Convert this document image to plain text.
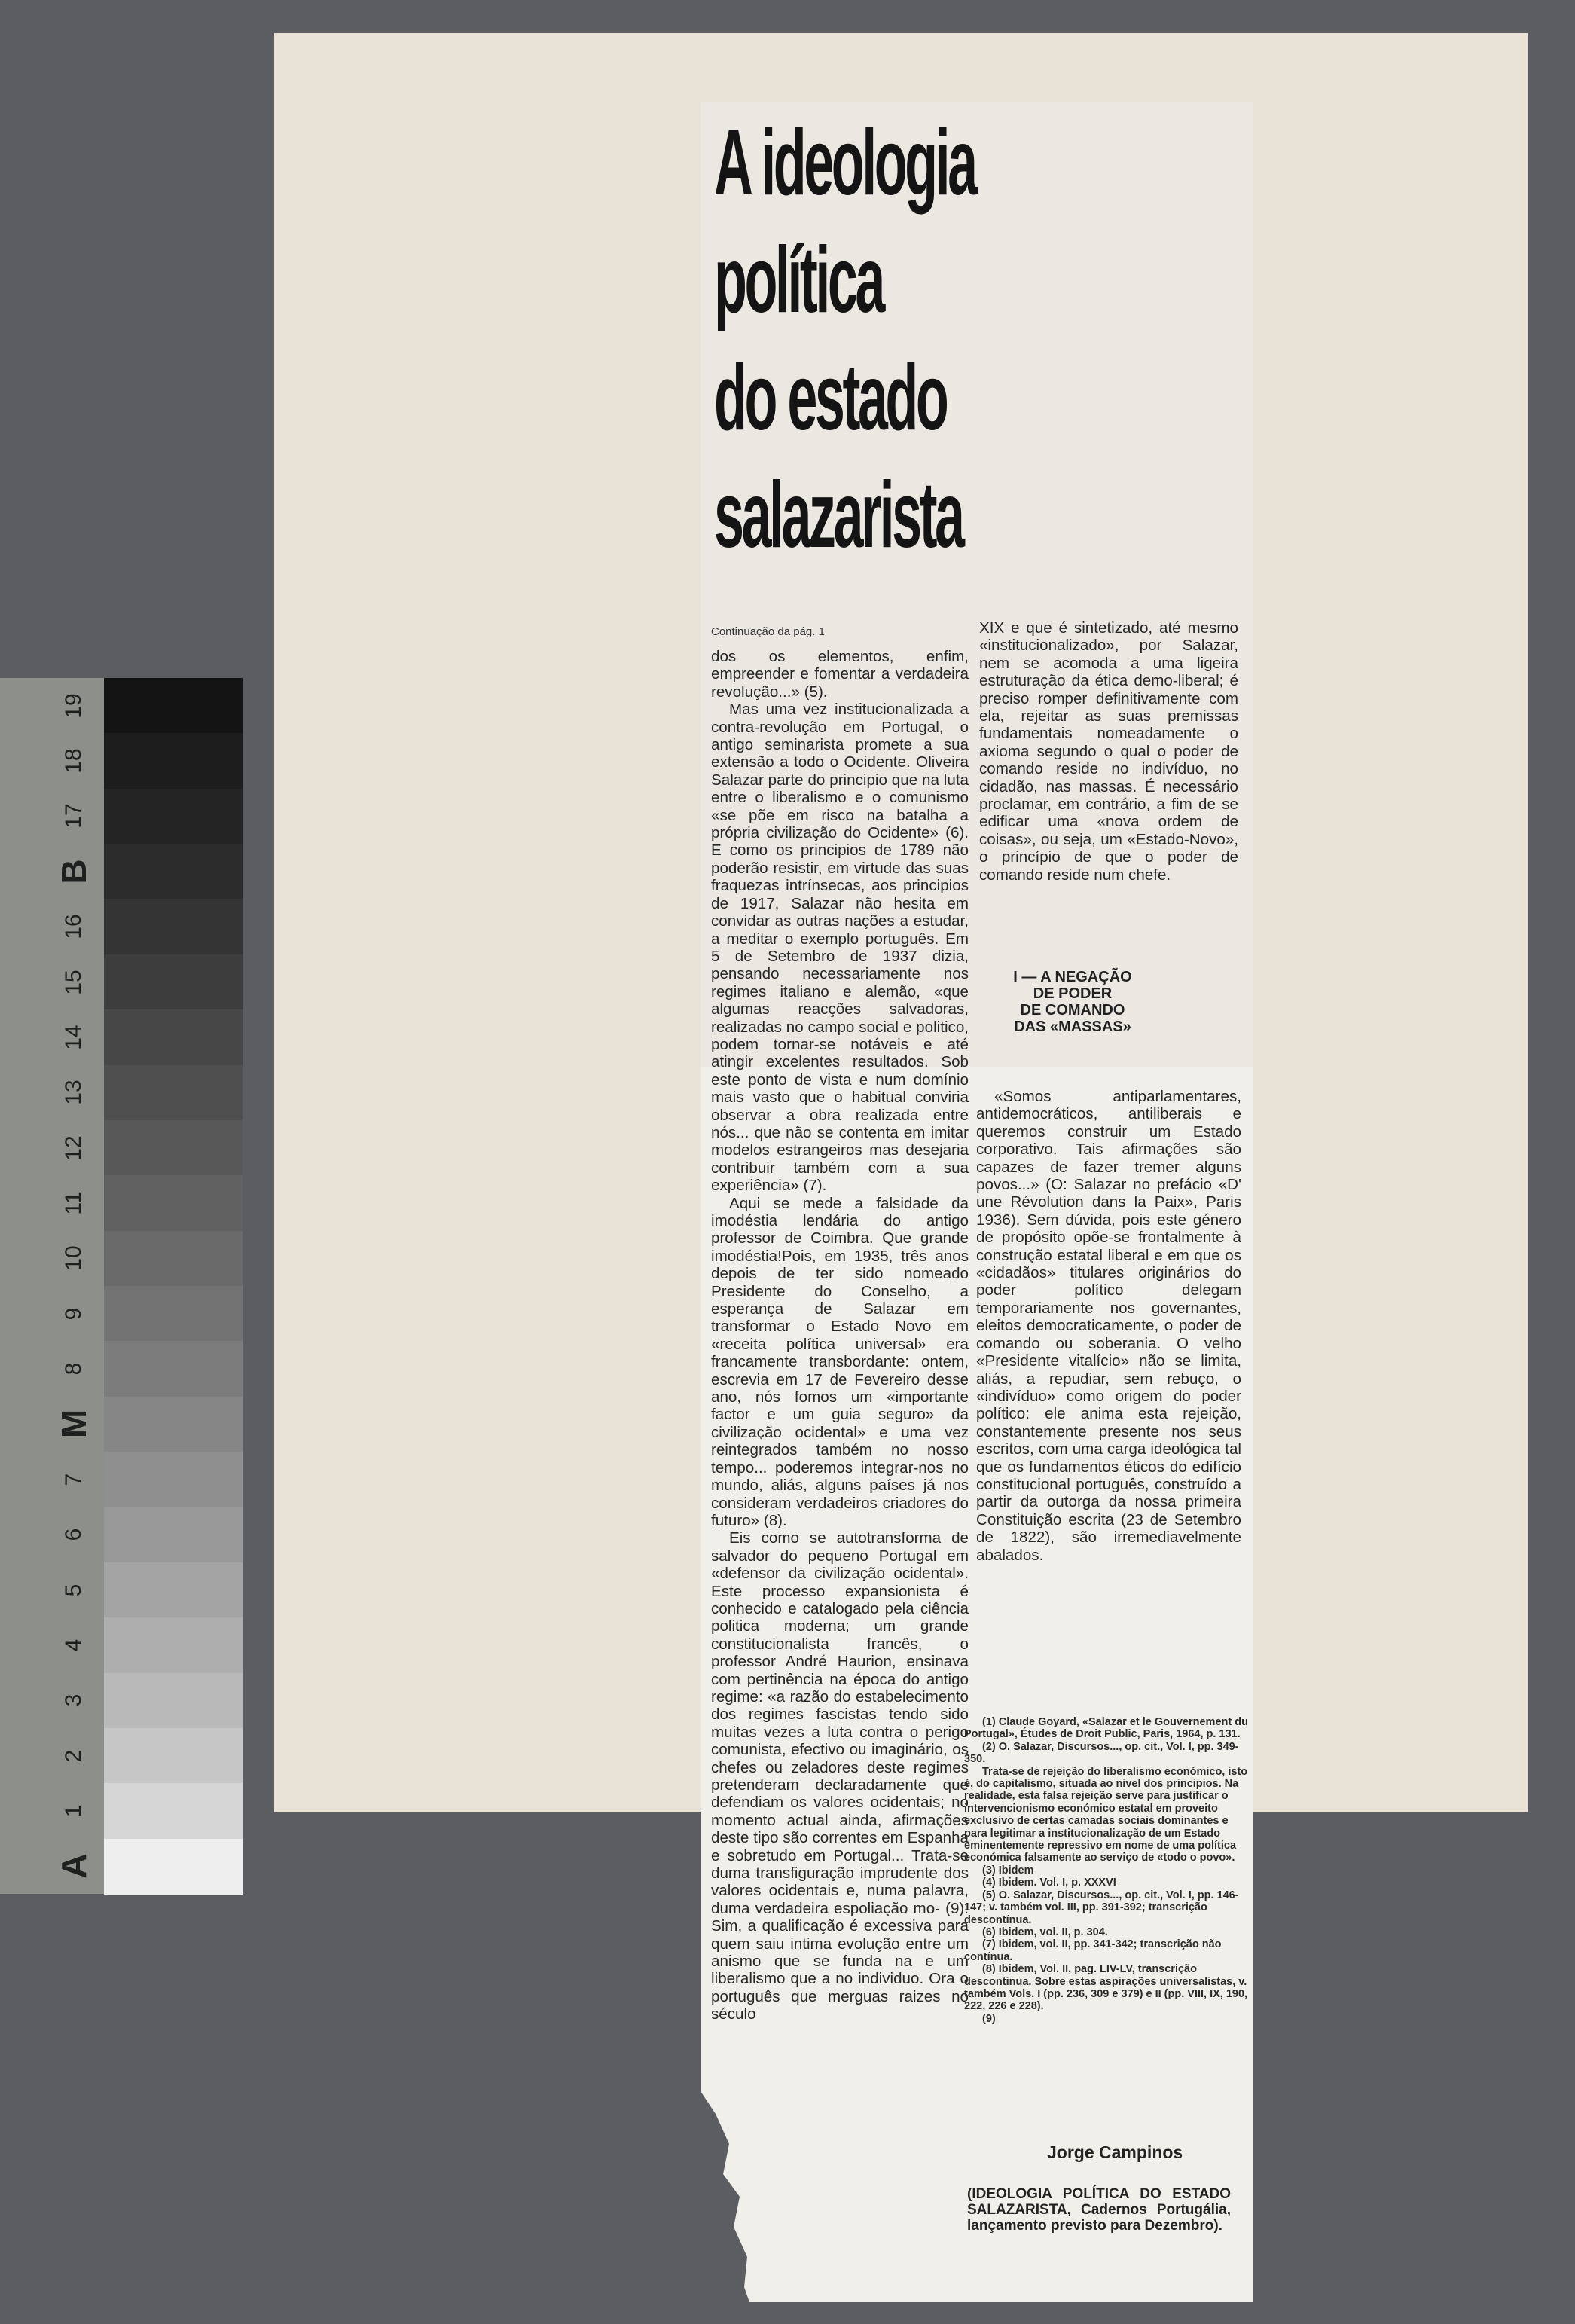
19
18
17
B
16
15
14
13
12
11
10
9
8
M
7
6
5
4
3
2
1
A
A ideologia
política
do estado
salazarista
Continuação da pág. 1

dos os elementos, enfim, empreender e fomentar a verdadeira revolução...» (5).

Mas uma vez institucionalizada a contra-revolução em Portugal, o antigo seminarista promete a sua extensão a todo o Ocidente. Oliveira Salazar parte do principio que na luta entre o liberalismo e o comunismo «se põe em risco na batalha a própria civilização do Ocidente» (6). E como os principios de 1789 não poderão resistir, em virtude das suas fraquezas intrínsecas, aos principios de 1917, Salazar não hesita em convidar as outras nações a estudar, a meditar o exemplo português. Em 5 de Setembro de 1937 dizia, pensando necessariamente nos regimes italiano e alemão, «que algumas reacções salvadoras, realizadas no campo social e politico, podem tornar-se notáveis e até atingir excelentes resultados. Sob este ponto de vista e num domínio mais vasto que o habitual conviria observar a obra realizada entre nós... que não se contenta em imitar modelos estrangeiros mas desejaria contribuir também com a sua experiência» (7).

Aqui se mede a falsidade da imodéstia lendária do antigo professor de Coimbra. Que grande imodéstia!Pois, em 1935, três anos depois de ter sido nomeado Presidente do Conselho, a esperança de Salazar em transformar o Estado Novo em «receita política universal» era francamente transbordante: ontem, escrevia em 17 de Fevereiro desse ano, nós fomos um «importante factor e um guia seguro» da civilização ocidental» e uma vez reintegrados também no nosso tempo... poderemos integrar-nos no mundo, aliás, alguns países já nos consideram verdadeiros criadores do futuro» (8).

Eis como se autotransforma de salvador do pequeno Portugal em «defensor da civilização ocidental». Este processo expansionista é conhecido e catalogado pela ciência politica moderna; um grande constitucionalista francês, o professor André Haurion, ensinava com pertinência na época do antigo regime: «a razão do estabelecimento dos regimes fascistas tendo sido muitas vezes a luta contra o perigo comunista, efectivo ou imaginário, os chefes ou zeladores deste regimes pretenderam declaradamente que defendiam os valores ocidentais; no momento actual ainda, afirmações deste tipo são correntes em Espanha e sobretudo em Portugal... Trata-se duma transfiguração imprudente dos valores ocidentais e, numa palavra, duma verdadeira espoliação mo- (9). Sim, a qualificação é excessiva para quem saiu intima evolução entre um anismo que se funda na e um liberalismo que a no individuo. Ora o português que merguas raizes no século

XIX e que é sintetizado, até mesmo «institucionalizado», por Salazar, nem se acomoda a uma ligeira estruturação da ética demo-liberal; é preciso romper definitivamente com ela, rejeitar as suas premissas fundamentais nomeadamente o axioma segundo o qual o poder de comando reside no indivíduo, no cidadão, nas massas. É necessário proclamar, em contrário, a fim de se edificar uma «nova ordem de coisas», ou seja, um «Estado-Novo», o princípio de que o poder de comando reside num chefe.

I — A NEGAÇÃO
DE PODER
DE COMANDO
DAS «MASSAS»

«Somos antiparlamentares, antidemocráticos, antiliberais e queremos construir um Estado corporativo. Tais afirmações são capazes de fazer tremer alguns povos...» (O: Salazar no prefácio «D' une Révolution dans la Paix», Paris 1936). Sem dúvida, pois este género de propósito opõe-se frontalmente à construção estatal liberal e em que os «cidadãos» titulares originários do poder político delegam temporariamente nos governantes, eleitos democraticamente, o poder de comando ou soberania. O velho «Presidente vitalício» não se limita, aliás, a repudiar, sem rebuço, o «indivíduo» como origem do poder político: ele anima esta rejeição, constantemente presente nos seus escritos, com uma carga ideológica tal que os fundamentos éticos do edifício constitucional português, construído a partir da outorga da nossa primeira Constituição escrita (23 de Setembro de 1822), são irremediavelmente abalados.

(1) Claude Goyard, «Salazar et le Gouvernement du Portugal», Études de Droit Public, Paris, 1964, p. 131.

(2) O. Salazar, Discursos..., op. cit., Vol. I, pp. 349-350.

Trata-se de rejeição do liberalismo económico, isto é, do capitalismo, situada ao nivel dos principios. Na realidade, esta falsa rejeição serve para justificar o intervencionismo económico estatal em proveito exclusivo de certas camadas sociais dominantes e para legitimar a institucionalização de um Estado eminentemente repressivo em nome de uma política económica falsamente ao serviço de «todo o povo».

(3) Ibidem

(4) Ibidem. Vol. I, p. XXXVI

(5) O. Salazar, Discursos..., op. cit., Vol. I, pp. 146-147; v. também vol. III, pp. 391-392; transcrição descontínua.

(6) Ibidem, vol. II, p. 304.

(7) Ibidem, vol. II, pp. 341-342; transcrição não contínua.

(8) Ibidem, Vol. II, pag. LIV-LV, transcrição descontinua. Sobre estas aspirações universalistas, v. também Vols. I (pp. 236, 309 e 379) e II (pp. VIII, IX, 190, 222, 226 e 228).

(9)

Jorge Campinos
(IDEOLOGIA POLÍTICA DO ESTADO SALAZARISTA, Cadernos Portugália, lançamento previsto para Dezembro).
